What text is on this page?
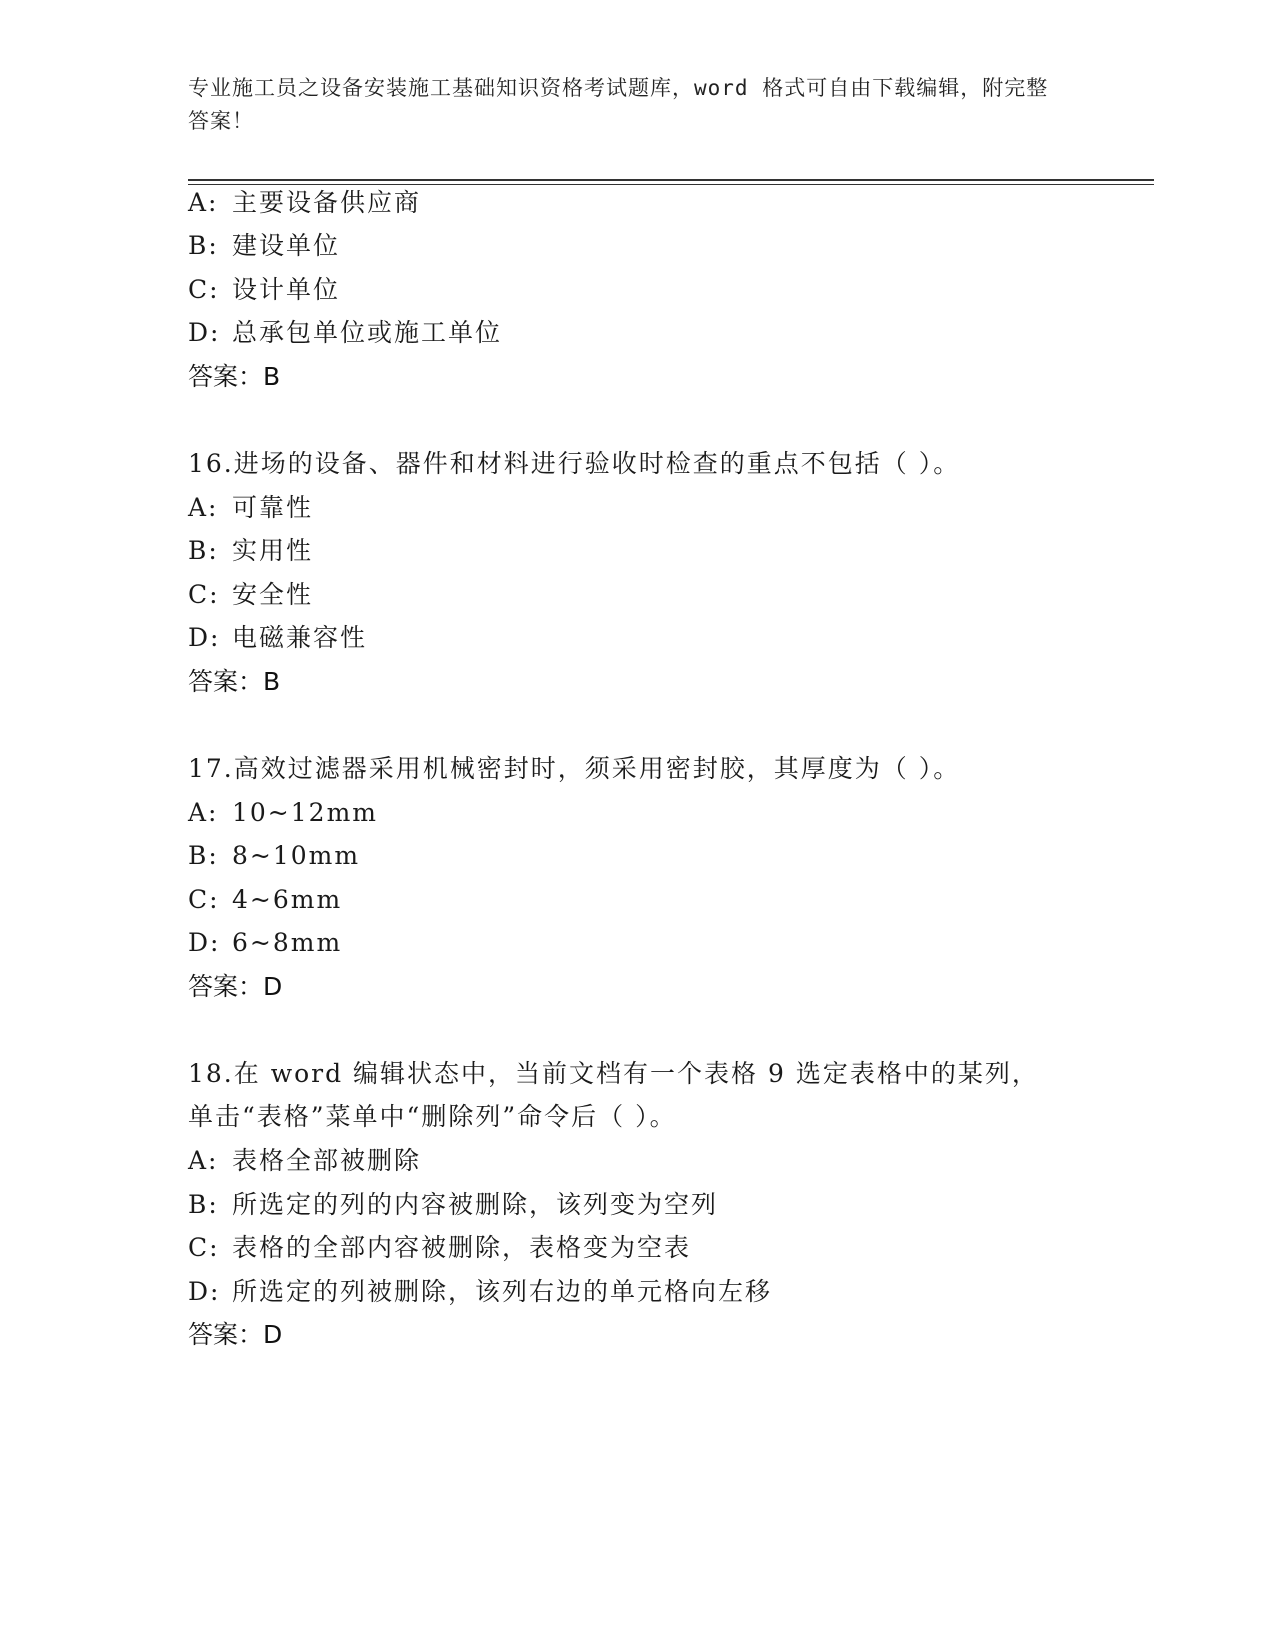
专业施工员之设备安装施工基础知识资格考试题库，word 格式可自由下载编辑，附完整答案！
A: 主要设备供应商
B: 建设单位
C: 设计单位
D: 总承包单位或施工单位
答案：B
16.进场的设备、器件和材料进行验收时检查的重点不包括（ ）。
A: 可靠性
B: 实用性
C: 安全性
D: 电磁兼容性
答案：B
17.高效过滤器采用机械密封时，须采用密封胶，其厚度为（ ）。
A: 10~12mm
B: 8~10mm
C: 4~6mm
D: 6~8mm
答案：D
18.在 word 编辑状态中，当前文档有一个表格 9 选定表格中的某列，
单击“表格”菜单中“删除列”命令后（ ）。
A: 表格全部被删除
B: 所选定的列的内容被删除，该列变为空列
C: 表格的全部内容被删除，表格变为空表
D: 所选定的列被删除，该列右边的单元格向左移
答案：D
